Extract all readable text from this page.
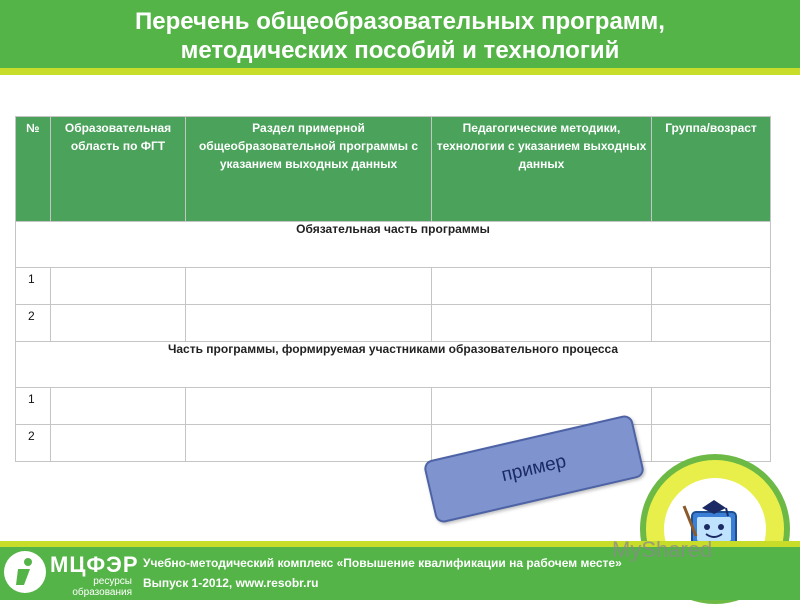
Перечень общеобразовательных программ,
методических пособий и технологий
№	Образовательная область по ФГТ	Раздел примерной общеобразовательной программы с указанием выходных данных	Педагогические методики, технологии с указанием выходных данных	Группа/возраст
Обязательная часть программы				
1				
2				
Часть программы, формируемая участниками образовательного процесса				
1				
2				
пример
МЦФЭР
ресурсы
образования
Учебно-методический комплекс «Повышение квалификации на рабочем месте»
Выпуск 1-2012, www.resobr.ru
MyShared
